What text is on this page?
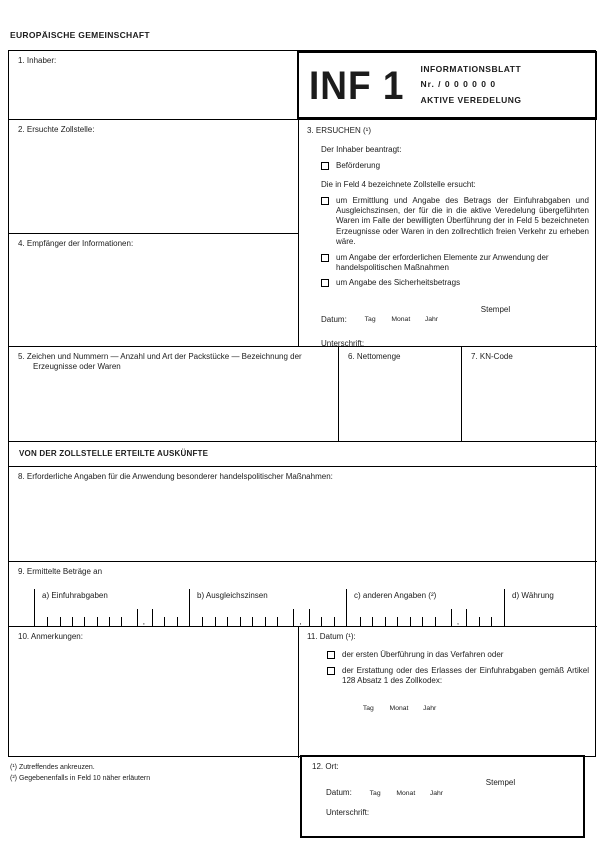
EUROPÄISCHE GEMEINSCHAFT
1. Inhaber:
2. Ersuchte Zollstelle:
4. Empfänger der Informationen:
INF 1 INFORMATIONSBLATT
Nr. / 0 0 0 0 0 0
AKTIVE VEREDELUNG
3. ERSUCHEN (¹)
Der Inhaber beantragt:
Beförderung
Die in Feld 4 bezeichnete Zollstelle ersucht:
um Ermittlung und Angabe des Betrags der Einfuhrabgaben und Ausgleichszinsen, der für die in die aktive Veredelung übergeführten Waren im Falle der bewilligten Überführung der in Feld 5 bezeichneten Erzeugnisse oder Waren in den zollrechtlich freien Verkehr zu erheben wäre.
um Angabe der erforderlichen Elemente zur Anwendung der handelspolitischen Maßnahmen
um Angabe des Sicherheitsbetrags
Datum:	Tag	Monat	Jahr
Stempel
Unterschrift:
5. Zeichen und Nummern — Anzahl und Art der Packstücke — Bezeichnung der Erzeugnisse oder Waren
6. Nettomenge	7. KN-Code
VON DER ZOLLSTELLE ERTEILTE AUSKÜNFTE
8. Erforderliche Angaben für die Anwendung besonderer handelspolitischer Maßnahmen:
9. Ermittelte Beträge an
a) Einfuhrabgaben
,
b) Ausgleichszinsen
,
c) anderen Angaben (²)
,
d) Währung
10. Anmerkungen:	11. Datum (¹):
der ersten Überführung in das Verfahren oder
der Erstattung oder des Erlasses der Einfuhrabgaben gemäß Artikel 128 Absatz 1 des Zollkodex:
Tag	Monat	Jahr
(¹) Zutreffendes ankreuzen.
(²) Gegebenenfalls in Feld 10 näher erläutern
12. Ort:
Datum:	Tag	Monat	Jahr
Stempel
Unterschrift:
